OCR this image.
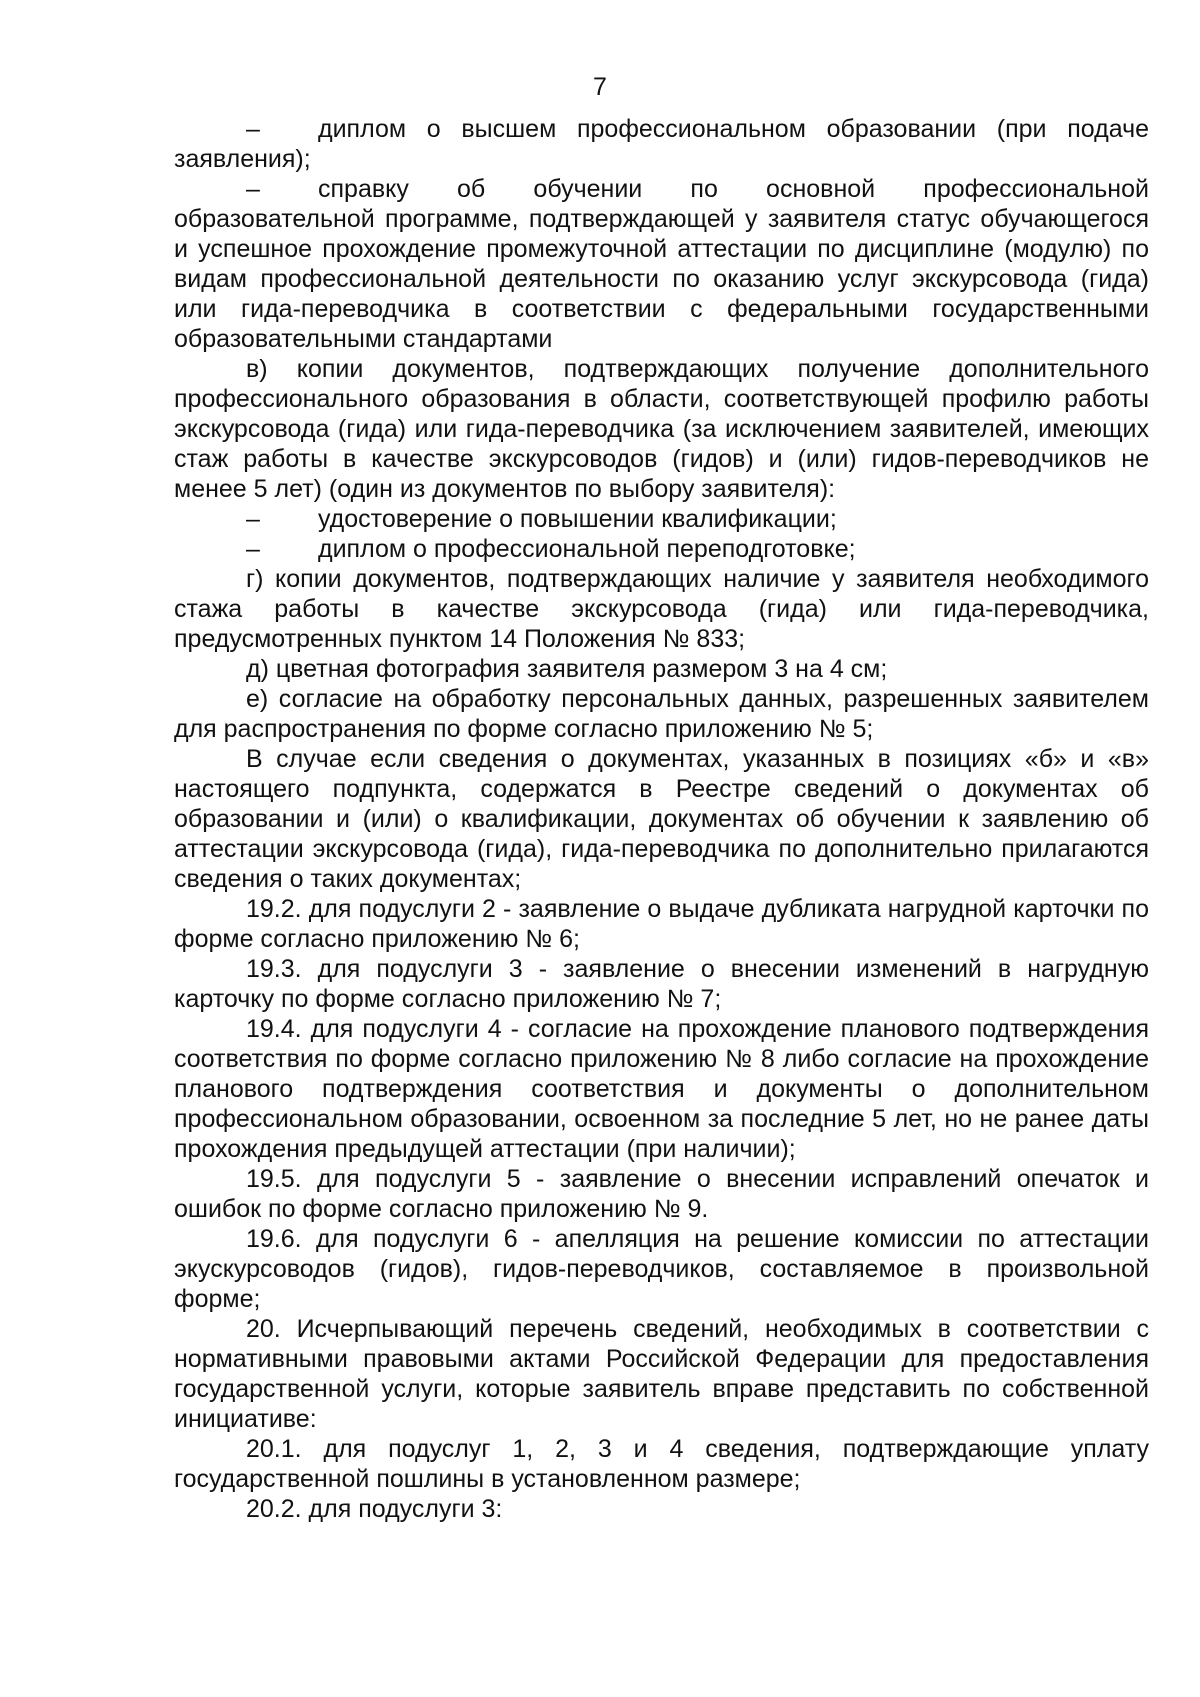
7

– диплом о высшем профессиональном образовании (при подаче заявления);

– справку об обучении по основной профессиональной образовательной программе, подтверждающей у заявителя статус обучающегося и успешное прохождение промежуточной аттестации по дисциплине (модулю) по видам профессиональной деятельности по оказанию услуг экскурсовода (гида) или гида-переводчика в соответствии с федеральными государственными образовательными стандартами

в) копии документов, подтверждающих получение дополнительного профессионального образования в области, соответствующей профилю работы экскурсовода (гида) или гида-переводчика (за исключением заявителей, имеющих стаж работы в качестве экскурсоводов (гидов) и (или) гидов-переводчиков не менее 5 лет) (один из документов по выбору заявителя):

– удостоверение о повышении квалификации;

– диплом о профессиональной переподготовке;

г) копии документов, подтверждающих наличие у заявителя необходимого стажа работы в качестве экскурсовода (гида) или гида-переводчика, предусмотренных пунктом 14 Положения № 833;

д) цветная фотография заявителя размером 3 на 4 см;

е) согласие на обработку персональных данных, разрешенных заявителем для распространения по форме согласно приложению № 5;

В случае если сведения о документах, указанных в позициях «б» и «в» настоящего подпункта, содержатся в Реестре сведений о документах об образовании и (или) о квалификации, документах об обучении к заявлению об аттестации экскурсовода (гида), гида-переводчика по дополнительно прилагаются сведения о таких документах;

19.2. для подуслуги 2 - заявление о выдаче дубликата нагрудной карточки по форме согласно приложению № 6;

19.3. для подуслуги 3 - заявление о внесении изменений в нагрудную карточку по форме согласно приложению № 7;

19.4. для подуслуги 4 - согласие на прохождение планового подтверждения соответствия по форме согласно приложению № 8 либо согласие на прохождение планового подтверждения соответствия и документы о дополнительном профессиональном образовании, освоенном за последние 5 лет, но не ранее даты прохождения предыдущей аттестации (при наличии);

19.5. для подуслуги 5 - заявление о внесении исправлений опечаток и ошибок по форме согласно приложению № 9.

19.6. для подуслуги 6 - апелляция на решение комиссии по аттестации экускурсоводов (гидов), гидов-переводчиков, составляемое в произвольной форме;

20. Исчерпывающий перечень сведений, необходимых в соответствии с нормативными правовыми актами Российской Федерации для предоставления государственной услуги, которые заявитель вправе представить по собственной инициативе:

20.1. для подуслуг 1, 2, 3 и 4 сведения, подтверждающие уплату государственной пошлины в установленном размере;

20.2. для подуслуги 3:
